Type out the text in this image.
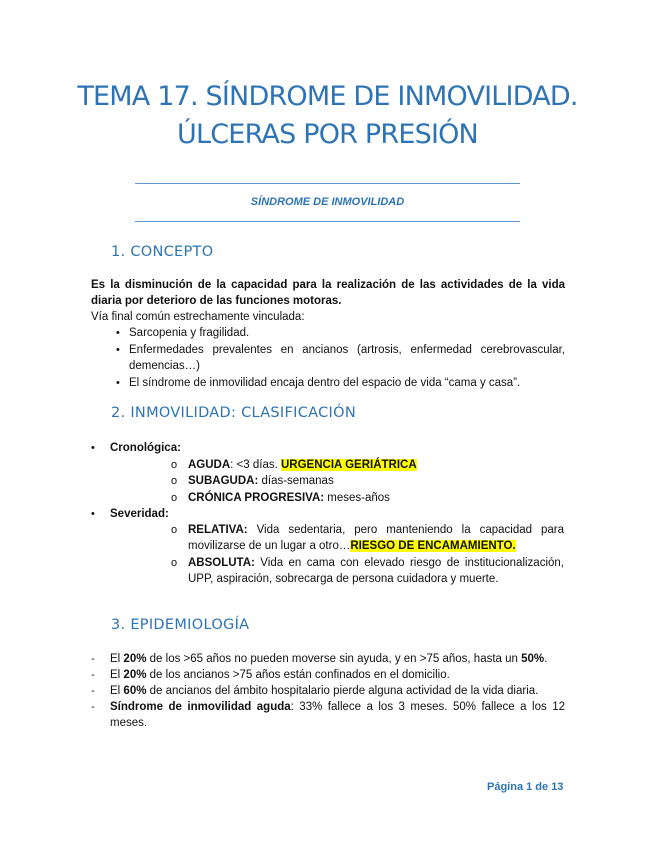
TEMA 17. SÍNDROME DE INMOVILIDAD.
ÚLCERAS POR PRESIÓN
SÍNDROME DE INMOVILIDAD
1. CONCEPTO
Es la disminución de la capacidad para la realización de las actividades de la vida diaria por deterioro de las funciones motoras.
Vía final común estrechamente vinculada:
• Sarcopenia y fragilidad.
• Enfermedades prevalentes en ancianos (artrosis, enfermedad cerebrovascular, demencias…)
• El síndrome de inmovilidad encaja dentro del espacio de vida “cama y casa”.
2. INMOVILIDAD: CLASIFICACIÓN
• Cronológica:
o AGUDA: <3 días. URGENCIA GERIÁTRICA
o SUBAGUDA: días-semanas
o CRÓNICA PROGRESIVA: meses-años
• Severidad:
o RELATIVA: Vida sedentaria, pero manteniendo la capacidad para movilizarse de un lugar a otro…RIESGO DE ENCAMAMIENTO.
o ABSOLUTA: Vida en cama con elevado riesgo de institucionalización, UPP, aspiración, sobrecarga de persona cuidadora y muerte.
3. EPIDEMIOLOGÍA
- El 20% de los >65 años no pueden moverse sin ayuda, y en >75 años, hasta un 50%.
- El 20% de los ancianos >75 años están confinados en el domicilio.
- El 60% de ancianos del ámbito hospitalario pierde alguna actividad de la vida diaria.
- Síndrome de inmovilidad aguda: 33% fallece a los 3 meses. 50% fallece a los 12 meses.
Página 1 de 13
